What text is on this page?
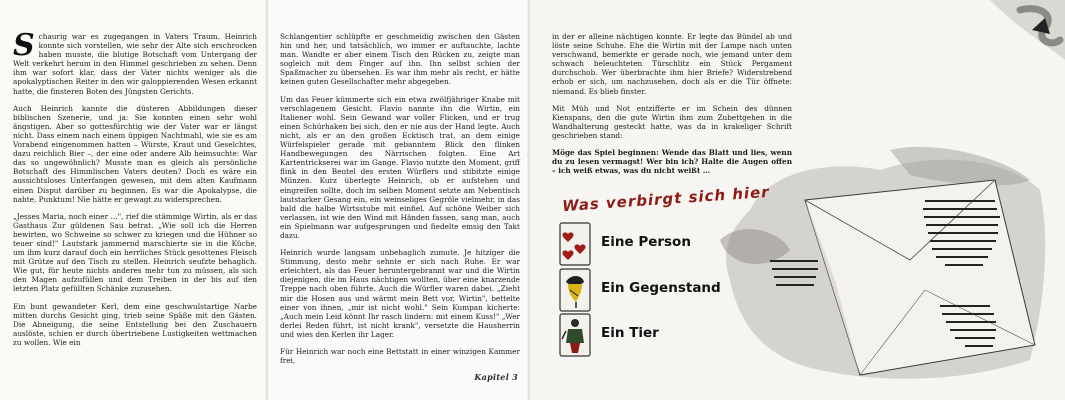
Schaurig war es zugegangen in Vaters Traum. Heinrich konnte sich vorstellen, wie sehr der Alte sich erschrocken haben musste, die blutige Botschaft vom Untergang der Welt verkehrt herum in den Himmel geschrieben zu sehen. Denn ihm war sofort klar, dass der Vater nichts weniger als die apokalyptischen Reiter in den wir galoppierenden Wesen erkannt hatte, die finsteren Boten des Jüngsten Gerichts.

Auch Heinrich kannte die düsteren Abbildungen dieser biblischen Szenerie, und ja: Sie konnten einen sehr wohl ängstigen. Aber so gottesfürchtig wie der Vater war er längst nicht. Dass einem nach einem üppigen Nachtmahl, wie sie es am Vorabend eingenommen hatten – Würste, Kraut und Geselchtes, dazu reichlich Bier –, der eine oder andere Alb heimsuchte: War das so ungewöhnlich? Musste man es gleich als persönliche Botschaft des Himmlischen Vaters deuten? Doch es wäre ein aussichtsloses Unterfangen gewesen, mit dem alten Kaufmann einen Disput darüber zu beginnen. Es war die Apokalypse, die nahte, Punktum! Nie hätte er gewagt zu widersprechen.

„Jesses Maria, noch einer …", rief die stämmige Wirtin, als er das Gasthaus Zur güldenen Sau betrat. „Wie soll ich die Herren bewirten, wo Schweine so schwer zu kriegen und die Hühner so teuer sind!" Lautstark jammernd marschierte sie in die Küche, um ihm kurz darauf doch ein herrliches Stück gesottenes Fleisch mit Grütze auf den Tisch zu stellen. Heinrich seufzte behaglich. Wie gut, für heute nichts anderes mehr tun zu müssen, als sich den Magen aufzufüllen und dem Treiben in der bis auf den letzten Platz gefüllten Schänke zuzusehen.

Ein bunt gewandeter Kerl, dem eine geschwulstartige Narbe mitten durchs Gesicht ging, trieb seine Späße mit den Gästen. Die Abneigung, die seine Entstellung bei den Zuschauern auslöste, schien er durch übertriebene Lustigkeiten wettmachen zu wollen. Wie ein

Schlangentier schlüpfte er geschmeidig zwischen den Gästen hin und her, und tatsächlich, wo immer er auftauchte, lachte man. Wandte er aber einem Tisch den Rücken zu, zeigte man sogleich mit dem Finger auf ihn. Ihn selbst schien der Spaßmacher zu übersehen. Es war ihm mehr als recht, er hätte keinen guten Gesellschafter mehr abgegeben.

Um das Feuer kümmerte sich ein etwa zwölfjähriger Knabe mit verschlagenem Gesicht. Flavio nannte ihn die Wirtin, ein Italiener wohl. Sein Gewand war voller Flicken, und er trug einen Schürhaken bei sich, den er nie aus der Hand legte. Auch nicht, als er an den großen Ecktisch trat, an dem einige Würfelspieler gerade mit gebanntem Blick den flinken Handbewegungen des Närrischen folgten. Eine Art Kartentrickserei war im Gange. Flavio nutzte den Moment, griff flink in den Beutel des ersten Würflers und stibitzte einige Münzen. Kurz überlegte Heinrich, ob er aufstehen und eingreifen sollte, doch im selben Moment setzte am Nebentisch lautstarker Gesang ein, ein weinseliges Gegröle vielmehr, in das bald die halbe Wirtsstube mit einfiel. Auf schöne Weiber sich verlassen, ist wie den Wind mit Händen fassen, sang man, auch ein Spielmann war aufgesprungen und fiedelte emsig den Takt dazu.

Heinrich wurde langsam unbehaglich zumute. Je hitziger die Stimmung, desto mehr sehnte er sich nach Ruhe. Er war erleichtert, als das Feuer heruntergebrannt war und die Wirtin diejenigen, die im Haus nächtigen wollten, über eine knarzende Treppe nach oben führte. Auch die Würfler waren dabei. „Zieht mir die Hosen aus und wärmt mein Bett vor, Wirtin", bettelte einer von ihnen, „mir ist nicht wohl." Sein Kumpan kicherte: „Auch mein Leid könnt Ihr rasch lindern: mit einem Kuss!" „Wer derlei Reden führt, ist nicht krank", versetzte die Hausherrin und wies den Kerlen ihr Lager.

Für Heinrich war noch eine Bettstatt in einer winzigen Kammer frei,

Kapitel 3

in der er alleine nächtigen konnte. Er legte das Bündel ab und löste seine Schuhe. Ehe die Wirtin mit der Lampe nach unten verschwand, bemerkte er gerade noch, wie jemand unter dem schwach beleuchteten Türschlitz ein Stück Pergament durchschob. Wer überbrachte ihm hier Briefe? Widerstrebend erhob er sich, um nachzusehen, doch als er die Tür öffnete: niemand. Es blieb finster.

Mit Müh und Not entzifferte er im Schein des dünnen Kienspans, den die gute Wirtin ihm zum Zubettgehen in die Wandhalterung gesteckt hatte, was da in krakeliger Schrift geschrieben stand:

Möge das Spiel beginnen: Wende das Blatt und lies, wenn du zu lesen vermagst! Wer bin ich? Halte die Augen offen – ich weiß etwas, was du nicht weißt …

Was verbirgt sich hier
Eine Person
Ein Gegenstand
Ein Tier
